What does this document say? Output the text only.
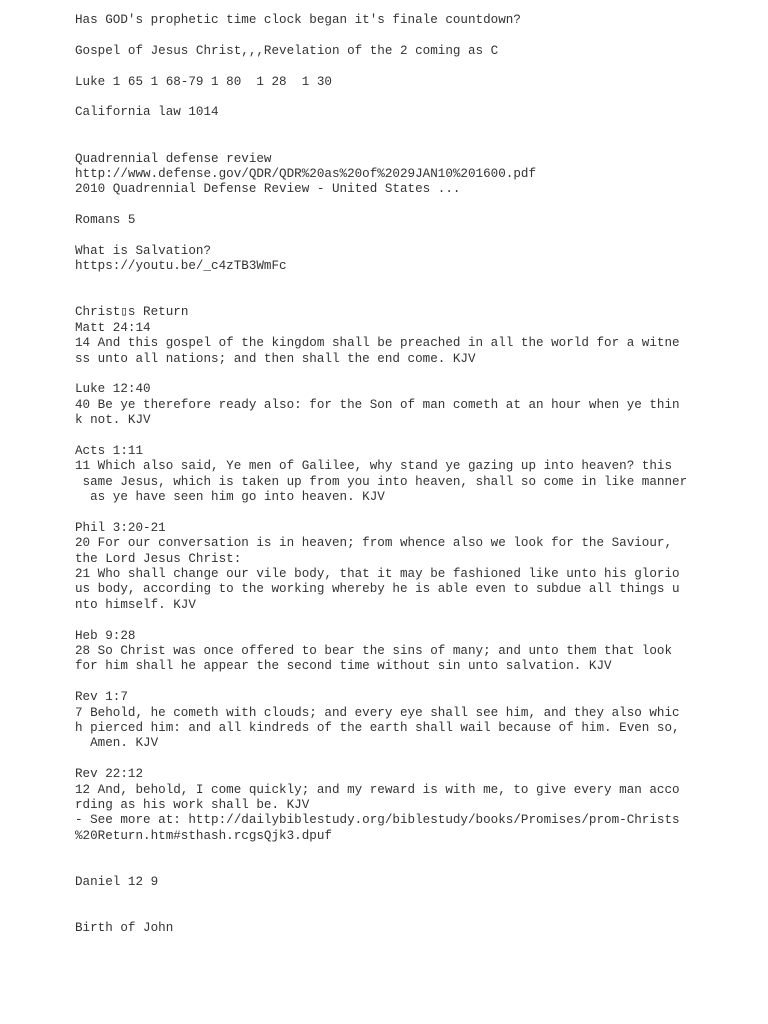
Has GOD's prophetic time clock began it's finale countdown?
Gospel of Jesus Christ,,,Revelation of the 2 coming as C
Luke 1 65 1 68-79 1 80  1 28  1 30
California law 1014
Quadrennial defense review
http://www.defense.gov/QDR/QDR%20as%20of%2029JAN10%201600.pdf
2010 Quadrennial Defense Review - United States ...
Romans 5
What is Salvation?
https://youtu.be/_c4zTB3WmFc
Christ▯s Return
Matt 24:14
14 And this gospel of the kingdom shall be preached in all the world for a witne
ss unto all nations; and then shall the end come. KJV
Luke 12:40
40 Be ye therefore ready also: for the Son of man cometh at an hour when ye thin
k not. KJV
Acts 1:11
11 Which also said, Ye men of Galilee, why stand ye gazing up into heaven? this
same Jesus, which is taken up from you into heaven, shall so come in like manner
as ye have seen him go into heaven. KJV
Phil 3:20-21
20 For our conversation is in heaven; from whence also we look for the Saviour,
the Lord Jesus Christ:
21 Who shall change our vile body, that it may be fashioned like unto his glorio
us body, according to the working whereby he is able even to subdue all things u
nto himself. KJV
Heb 9:28
28 So Christ was once offered to bear the sins of many; and unto them that look
for him shall he appear the second time without sin unto salvation. KJV
Rev 1:7
7 Behold, he cometh with clouds; and every eye shall see him, and they also whic
h pierced him: and all kindreds of the earth shall wail because of him. Even so,
Amen. KJV
Rev 22:12
12 And, behold, I come quickly; and my reward is with me, to give every man acco
rding as his work shall be. KJV
- See more at: http://dailybiblestudy.org/biblestudy/books/Promises/prom-Christs
%20Return.htm#sthash.rcgsQjk3.dpuf
Daniel 12 9
Birth of John
